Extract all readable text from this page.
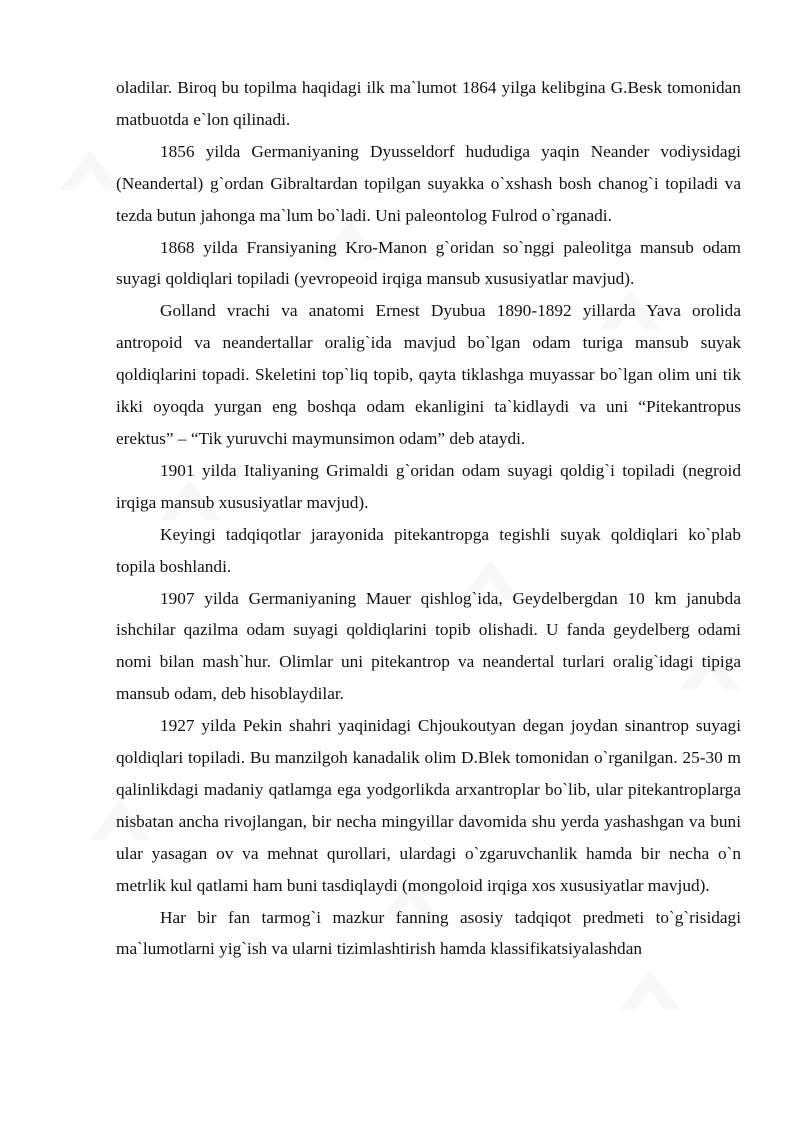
oladilar. Biroq bu topilma haqidagi ilk ma`lumot 1864 yilga kelibgina G.Besk tomonidan matbuotda e`lon qilinadi.

1856 yilda Germaniyaning Dyusseldorf hududiga yaqin Neander vodiysidagi (Neandertal) g`ordan Gibraltardan topilgan suyakka o`xshash bosh chanog`i topiladi va tezda butun jahonga ma`lum bo`ladi. Uni paleontolog Fulrod o`rganadi.

1868 yilda Fransiyaning Kro-Manon g`oridan so`nggi paleolitga mansub odam suyagi qoldiqlari topiladi (yevropeoid irqiga mansub xususiyatlar mavjud).

Golland vrachi va anatomi Ernest Dyubua 1890-1892 yillarda Yava orolida antropoid va neandertallar oralig`ida mavjud bo`lgan odam turiga mansub suyak qoldiqlarini topadi. Skeletini top`liq topib, qayta tiklashga muyassar bo`lgan olim uni tik ikki oyoqda yurgan eng boshqa odam ekanligini ta`kidlaydi va uni “Pitekantropus erektus” – “Tik yuruvchi maymunsimon odam” deb ataydi.

1901 yilda Italiyaning Grimaldi g`oridan odam suyagi qoldig`i topiladi (negroid irqiga mansub xususiyatlar mavjud).

Keyingi tadqiqotlar jarayonida pitekantropga tegishli suyak qoldiqlari ko`plab topila boshlandi.

1907 yilda Germaniyaning Mauer qishlog`ida, Geydelbergdan 10 km janubda ishchilar qazilma odam suyagi qoldiqlarini topib olishadi. U fanda geydelberg odami nomi bilan mash`hur. Olimlar uni pitekantrop va neandertal turlari oralig`idagi tipiga mansub odam, deb hisoblaydilar.

1927 yilda Pekin shahri yaqinidagi Chjoukoutyan degan joydan sinantrop suyagi qoldiqlari topiladi. Bu manzilgoh kanadalik olim D.Blek tomonidan o`rganilgan. 25-30 m qalinlikdagi madaniy qatlamga ega yodgorlikda arxantroplar bo`lib, ular pitekantroplarga nisbatan ancha rivojlangan, bir necha mingyillar davomida shu yerda yashashgan va buni ular yasagan ov va mehnat qurollari, ulardagi o`zgaruvchanlik hamda bir necha o`n metrlik kul qatlami ham buni tasdiqlaydi (mongoloid irqiga xos xususiyatlar mavjud).

Har bir fan tarmog`i mazkur fanning asosiy tadqiqot predmeti to`g`risidagi ma`lumotlarni yig`ish va ularni tizimlashtirish hamda klassifikatsiyalashdan
